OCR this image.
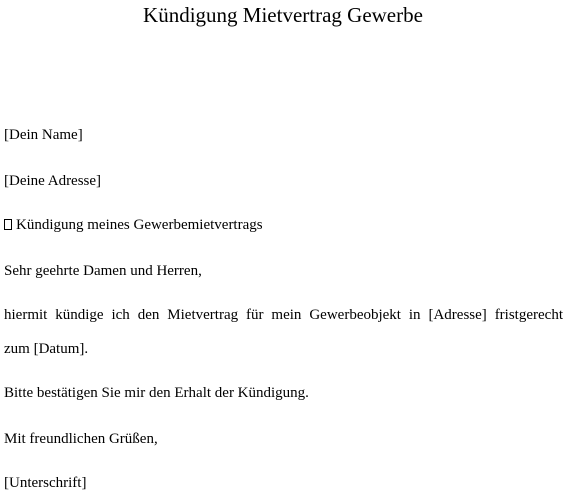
Kündigung Mietvertrag Gewerbe
[Dein Name]
[Deine Adresse]
Kündigung meines Gewerbemietvertrags
Sehr geehrte Damen und Herren,
hiermit kündige ich den Mietvertrag für mein Gewerbeobjekt in [Adresse] fristgerecht
zum [Datum].
Bitte bestätigen Sie mir den Erhalt der Kündigung.
Mit freundlichen Grüßen,
[Unterschrift]
